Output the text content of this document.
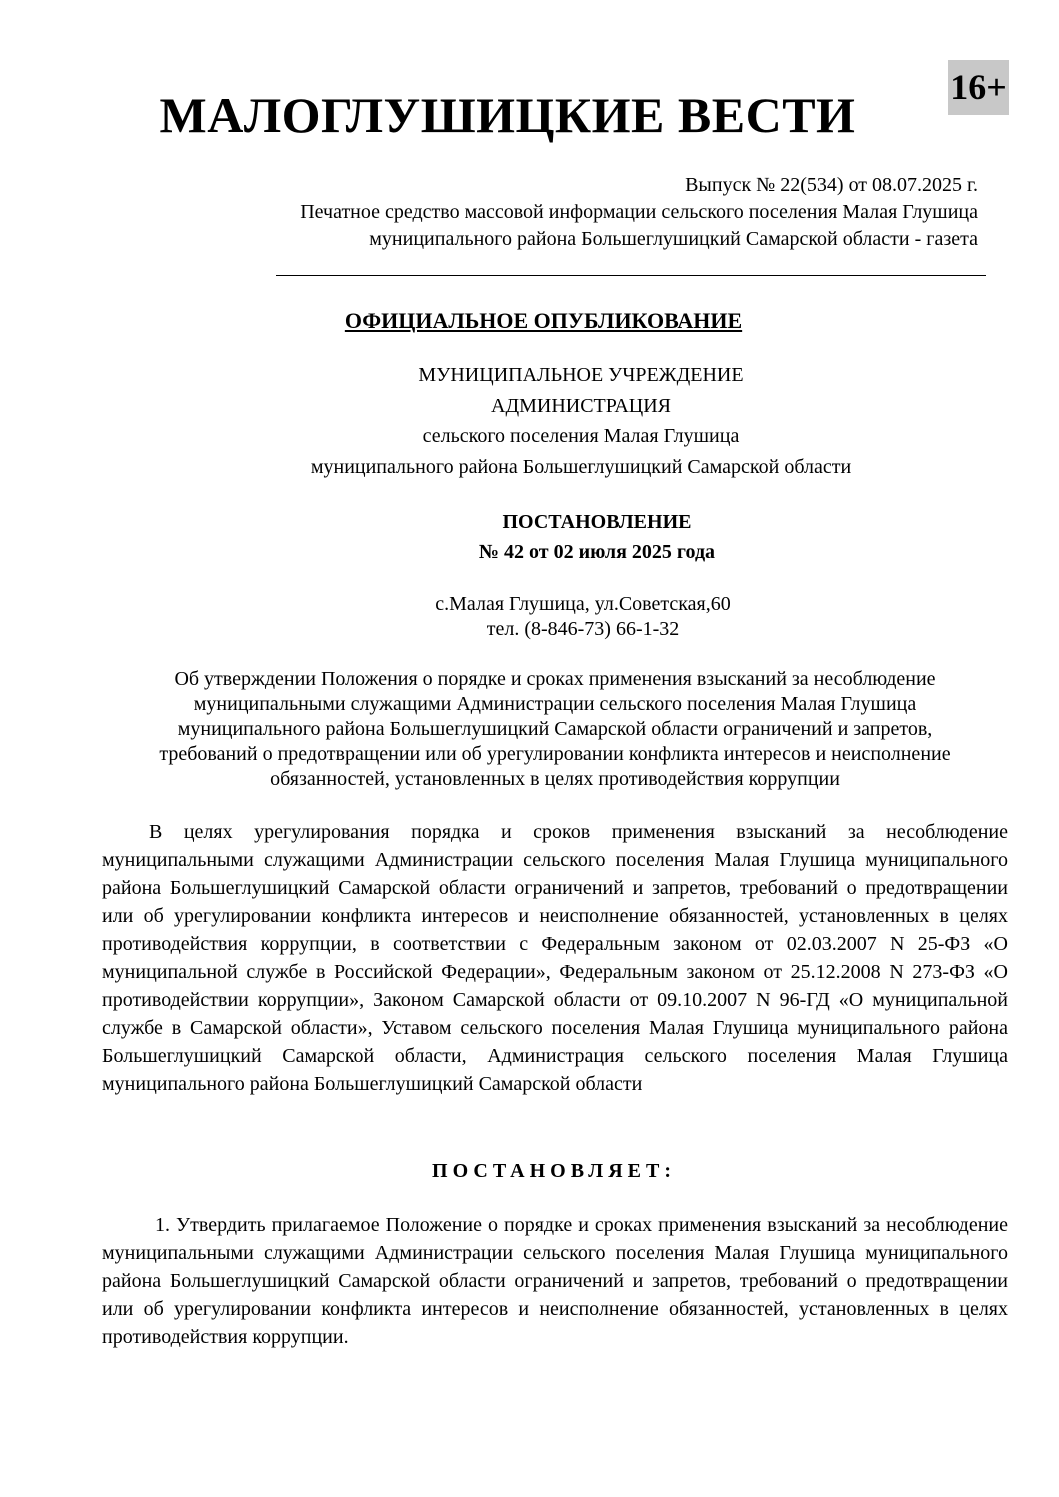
МАЛОГЛУШИЦКИЕ ВЕСТИ	16+
Выпуск № 22(534) от 08.07.2025 г.
Печатное средство массовой информации сельского поселения Малая Глушица
муниципального района Большеглушицкий Самарской области - газета
ОФИЦИАЛЬНОЕ ОПУБЛИКОВАНИЕ
МУНИЦИПАЛЬНОЕ УЧРЕЖДЕНИЕ
АДМИНИСТРАЦИЯ
сельского поселения Малая Глушица
муниципального района Большеглушицкий Самарской области
ПОСТАНОВЛЕНИЕ
№ 42 от 02 июля 2025 года
с.Малая Глушица, ул.Советская,60
тел. (8-846-73) 66-1-32
Об утверждении Положения о порядке и сроках применения взысканий за несоблюдение
муниципальными служащими Администрации сельского поселения Малая Глушица
муниципального района Большеглушицкий Самарской области ограничений и запретов,
требований о предотвращении или об урегулировании конфликта интересов и неисполнение
обязанностей, установленных в целях противодействия коррупции
В целях урегулирования порядка и сроков применения взысканий за несоблюдение муниципальными служащими Администрации сельского поселения Малая Глушица муниципального района Большеглушицкий Самарской области ограничений и запретов, требований о предотвращении или об урегулировании конфликта интересов и неисполнение обязанностей, установленных в целях противодействия коррупции, в соответствии с Федеральным законом от 02.03.2007 N 25-ФЗ «О муниципальной службе в Российской Федерации», Федеральным законом от 25.12.2008 N 273-ФЗ «О противодействии коррупции», Законом Самарской области от 09.10.2007 N 96-ГД «О муниципальной службе в Самарской области», Уставом сельского поселения Малая Глушица муниципального района Большеглушицкий Самарской области, Администрация сельского поселения Малая Глушица муниципального района Большеглушицкий Самарской области
ПОСТАНОВЛЯЕТ:
1. Утвердить прилагаемое Положение о порядке и сроках применения взысканий за несоблюдение муниципальными служащими Администрации сельского поселения Малая Глушица муниципального района Большеглушицкий Самарской области ограничений и запретов, требований о предотвращении или об урегулировании конфликта интересов и неисполнение обязанностей, установленных в целях противодействия коррупции.
